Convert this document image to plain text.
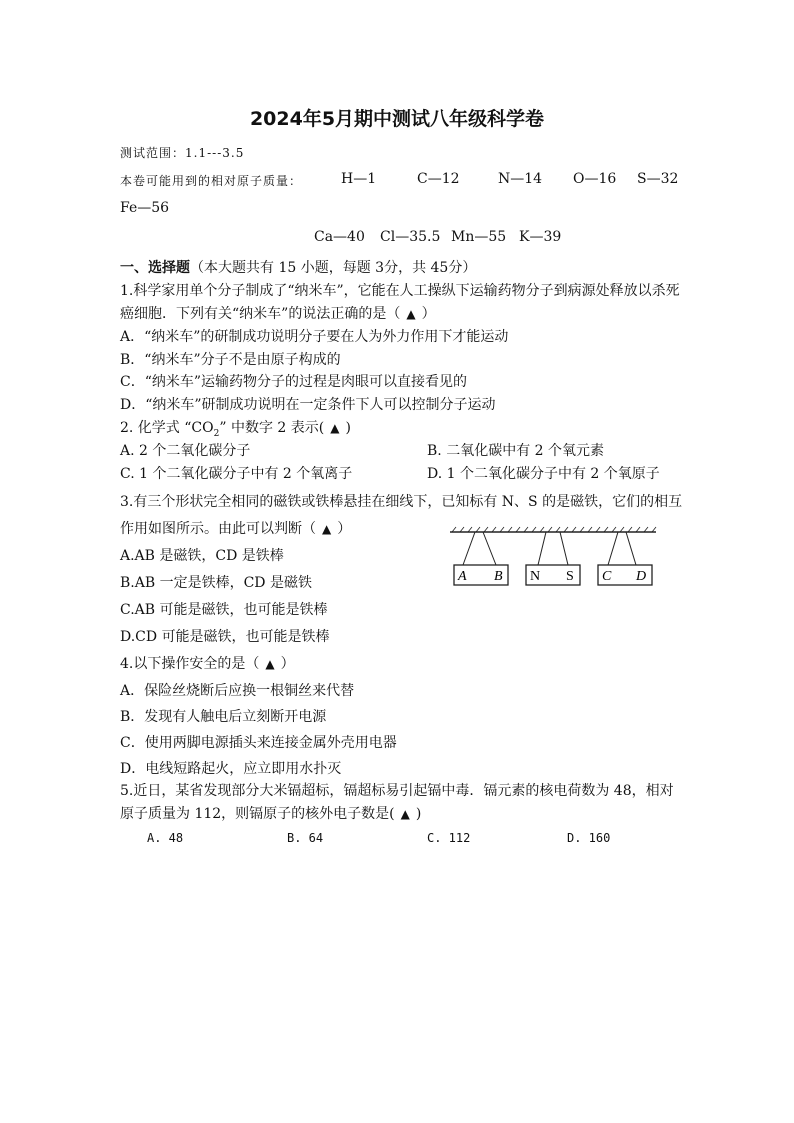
2024年5月期中测试八年级科学卷
测试范围：1.1---3.5
本卷可能用到的相对原子质量：	H—1	C—12	N—14 O—16 S—32
Fe—56
Ca—40 Cl—35.5 Mn—55 K—39
一、选择题（本大题共有 15 小题，每题 3分，共 45分）
1.科学家用单个分子制成了“纳米车”，它能在人工操纵下运输药物分子到病源处释放以杀死
癌细胞．下列有关“纳米车”的说法正确的是（ ▲ ）
A．“纳米车”的研制成功说明分子要在人为外力作用下才能运动
B．“纳米车”分子不是由原子构成的
C．“纳米车”运输药物分子的过程是肉眼可以直接看见的
D．“纳米车”研制成功说明在一定条件下人可以控制分子运动
2. 化学式 “$CO_2$” 中数字 2 表示( ▲ )
A. 2 个二氧化碳分子	B. 二氧化碳中有 2 个氧元素
C. 1 个二氧化碳分子中有 2 个氧离子	D. 1 个二氧化碳分子中有 2 个氧原子
3.有三个形状完全相同的磁铁或铁棒悬挂在细线下，已知标有 N、S 的是磁铁，它们的相互
作用如图所示。由此可以判断（ ▲ ）
A.AB 是磁铁，CD 是铁棒
B.AB 一定是铁棒，CD 是磁铁
C.AB 可能是磁铁，也可能是铁棒
D.CD 可能是磁铁，也可能是铁棒
A B N S C D
4.以下操作安全的是（ ▲ ）
A．保险丝烧断后应换一根铜丝来代替
B．发现有人触电后立刻断开电源
C．使用两脚电源插头来连接金属外壳用电器
D．电线短路起火，应立即用水扑灭
5.近日，某省发现部分大米镉超标，镉超标易引起镉中毒．镉元素的核电荷数为 48，相对
原子质量为 112，则镉原子的核外电子数是( ▲ )
A. 48	B. 64	C. 112	D. 160
